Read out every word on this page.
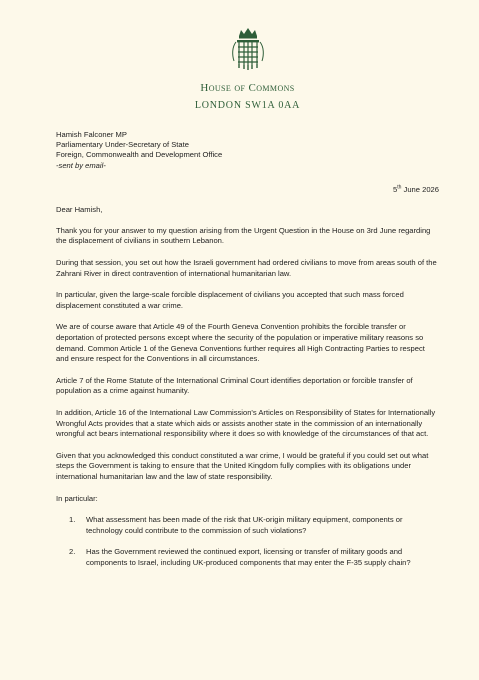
House of Commons
LONDON SW1A 0AA
Hamish Falconer MP
Parliamentary Under-Secretary of State
Foreign, Commonwealth and Development Office
-sent by email-
5th June 2026
Dear Hamish,

Thank you for your answer to my question arising from the Urgent Question in the House on 3rd June regarding the displacement of civilians in southern Lebanon.

During that session, you set out how the Israeli government had ordered civilians to move from areas south of the Zahrani River in direct contravention of international humanitarian law.

In particular, given the large-scale forcible displacement of civilians you accepted that such mass forced displacement constituted a war crime.

We are of course aware that Article 49 of the Fourth Geneva Convention prohibits the forcible transfer or deportation of protected persons except where the security of the population or imperative military reasons so demand. Common Article 1 of the Geneva Conventions further requires all High Contracting Parties to respect and ensure respect for the Conventions in all circumstances.

Article 7 of the Rome Statute of the International Criminal Court identifies deportation or forcible transfer of population as a crime against humanity.

In addition, Article 16 of the International Law Commission's Articles on Responsibility of States for Internationally Wrongful Acts provides that a state which aids or assists another state in the commission of an internationally wrongful act bears international responsibility where it does so with knowledge of the circumstances of that act.

Given that you acknowledged this conduct constituted a war crime, I would be grateful if you could set out what steps the Government is taking to ensure that the United Kingdom fully complies with its obligations under international humanitarian law and the law of state responsibility.

In particular:

1. What assessment has been made of the risk that UK-origin military equipment, components or technology could contribute to the commission of such violations?
2. Has the Government reviewed the continued export, licensing or transfer of military goods and components to Israel, including UK-produced components that may enter the F-35 supply chain?
